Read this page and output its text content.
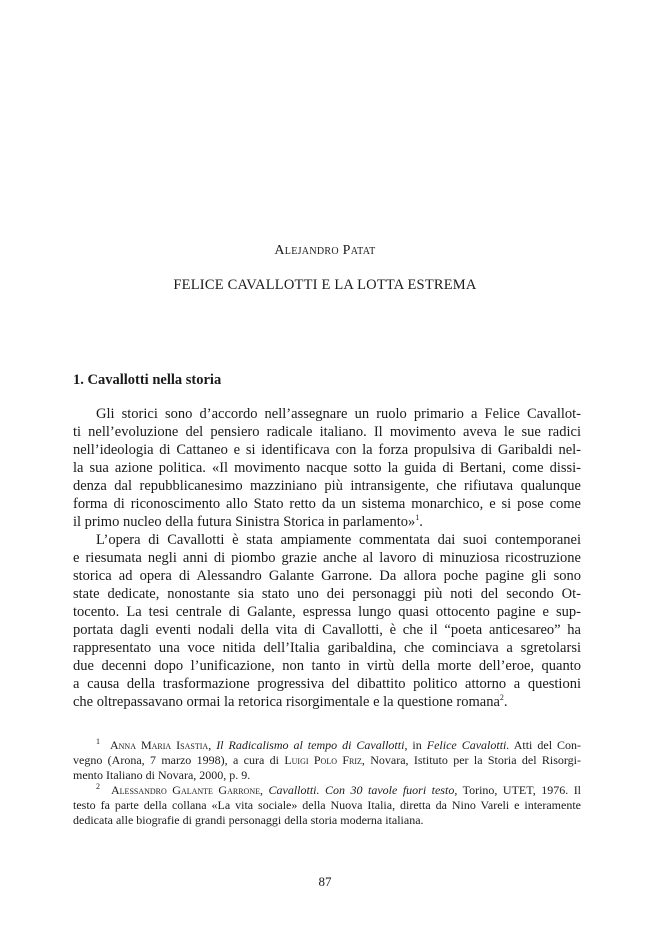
Alejandro Patat
FELICE CAVALLOTTI E LA LOTTA ESTREMA
1. Cavallotti nella storia
Gli storici sono d’accordo nell’assegnare un ruolo primario a Felice Cavallot-
ti nell’evoluzione del pensiero radicale italiano. Il movimento aveva le sue radici
nell’ideologia di Cattaneo e si identificava con la forza propulsiva di Garibaldi nel-
la sua azione politica. «Il movimento nacque sotto la guida di Bertani, come dissi-
denza dal repubblicanesimo mazziniano più intransigente, che rifiutava qualunque
forma di riconoscimento allo Stato retto da un sistema monarchico, e si pose come
il primo nucleo della futura Sinistra Storica in parlamento»$^1$.
L’opera di Cavallotti è stata ampiamente commentata dai suoi contemporanei
e riesumata negli anni di piombo grazie anche al lavoro di minuziosa ricostruzione
storica ad opera di Alessandro Galante Garrone. Da allora poche pagine gli sono
state dedicate, nonostante sia stato uno dei personaggi più noti del secondo Ot-
tocento. La tesi centrale di Galante, espressa lungo quasi ottocento pagine e sup-
portata dagli eventi nodali della vita di Cavallotti, è che il “poeta anticesareo” ha
rappresentato una voce nitida dell’Italia garibaldina, che cominciava a sgretolarsi
due decenni dopo l’unificazione, non tanto in virtù della morte dell’eroe, quanto
a causa della trasformazione progressiva del dibattito politico attorno a questioni
che oltrepassavano ormai la retorica risorgimentale e la questione romana$^2$.
$^1$ Anna Maria Isastia, Il Radicalismo al tempo di Cavallotti, in Felice Cavalotti. Atti del Con-
vegno (Arona, 7 marzo 1998), a cura di Luigi Polo Friz, Novara, Istituto per la Storia del Risorgi-
mento Italiano di Novara, 2000, p. 9.
$^2$ Alessandro Galante Garrone, Cavallotti. Con 30 tavole fuori testo, Torino, UTET, 1976. Il
testo fa parte della collana «La vita sociale» della Nuova Italia, diretta da Nino Vareli e interamente
dedicata alle biografie di grandi personaggi della storia moderna italiana.
87
